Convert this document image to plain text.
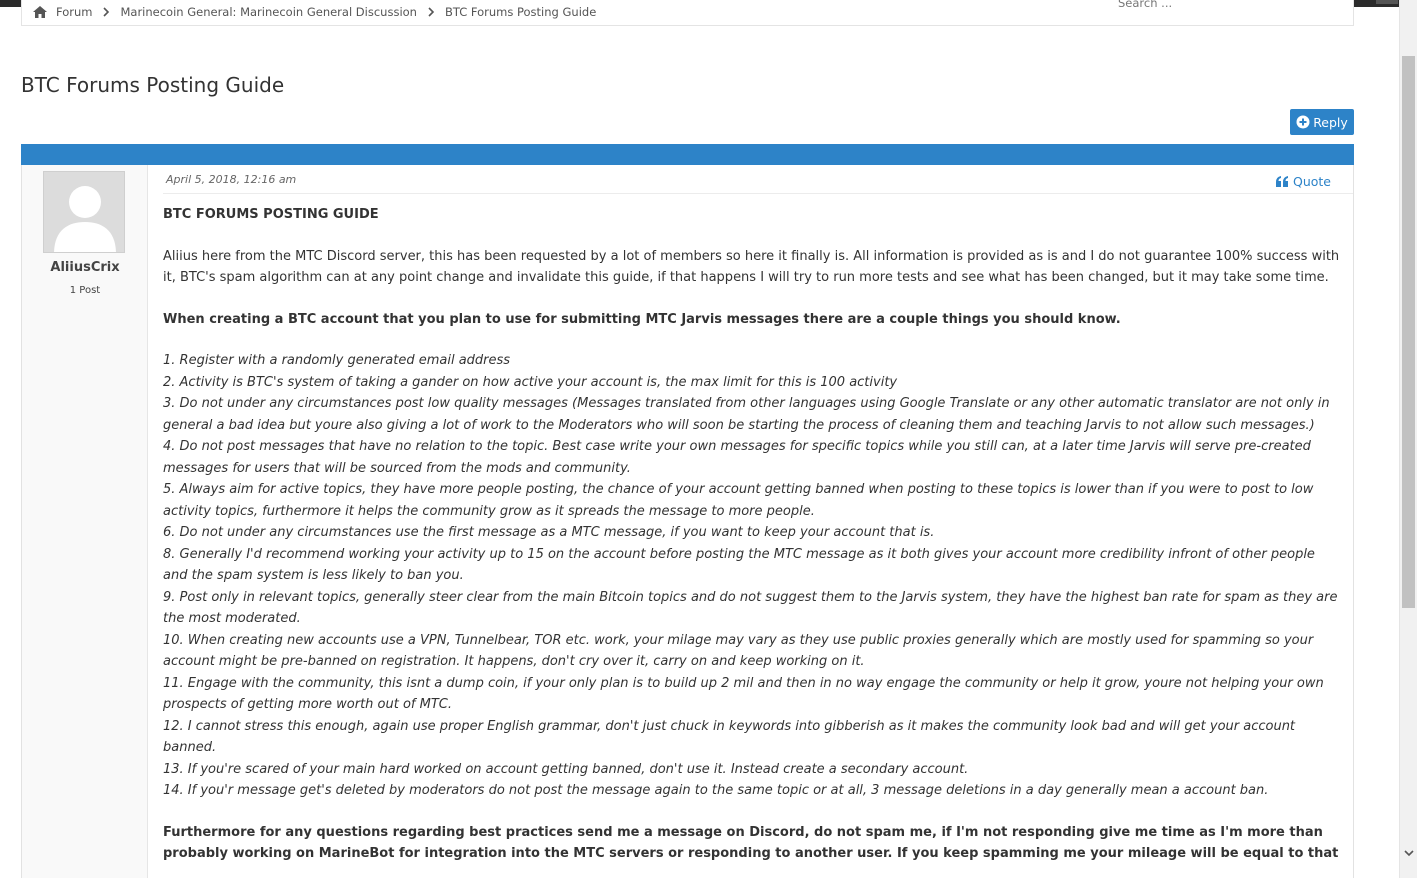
Forum Marinecoin General: Marinecoin General Discussion BTC Forums Posting Guide
Search ...
BTC Forums Posting Guide
Reply
AliiusCrix
1 Post
April 5, 2018, 12:16 am	Quote

BTC FORUMS POSTING GUIDE

Aliius here from the MTC Discord server, this has been requested by a lot of members so here it finally is. All information is provided as is and I do not guarantee 100% success with it, BTC's spam algorithm can at any point change and invalidate this guide, if that happens I will try to run more tests and see what has been changed, but it may take some time.

When creating a BTC account that you plan to use for submitting MTC Jarvis messages there are a couple things you should know.

1. Register with a randomly generated email address
2. Activity is BTC's system of taking a gander on how active your account is, the max limit for this is 100 activity
3. Do not under any circumstances post low quality messages (Messages translated from other languages using Google Translate or any other automatic translator are not only in general a bad idea but youre also giving a lot of work to the Moderators who will soon be starting the process of cleaning them and teaching Jarvis to not allow such messages.)
4. Do not post messages that have no relation to the topic. Best case write your own messages for specific topics while you still can, at a later time Jarvis will serve pre-created messages for users that will be sourced from the mods and community.
5. Always aim for active topics, they have more people posting, the chance of your account getting banned when posting to these topics is lower than if you were to post to low activity topics, furthermore it helps the community grow as it spreads the message to more people.
6. Do not under any circumstances use the first message as a MTC message, if you want to keep your account that is.
8. Generally I'd recommend working your activity up to 15 on the account before posting the MTC message as it both gives your account more credibility infront of other people and the spam system is less likely to ban you.
9. Post only in relevant topics, generally steer clear from the main Bitcoin topics and do not suggest them to the Jarvis system, they have the highest ban rate for spam as they are the most moderated.
10. When creating new accounts use a VPN, Tunnelbear, TOR etc. work, your milage may vary as they use public proxies generally which are mostly used for spamming so your account might be pre-banned on registration. It happens, don't cry over it, carry on and keep working on it.
11. Engage with the community, this isnt a dump coin, if your only plan is to build up 2 mil and then in no way engage the community or help it grow, youre not helping your own prospects of getting more worth out of MTC.
12. I cannot stress this enough, again use proper English grammar, don't just chuck in keywords into gibberish as it makes the community look bad and will get your account banned.
13. If you're scared of your main hard worked on account getting banned, don't use it. Instead create a secondary account.
14. If you'r message get's deleted by moderators do not post the message again to the same topic or at all, 3 message deletions in a day generally mean a account ban.

Furthermore for any questions regarding best practices send me a message on Discord, do not spam me, if I'm not responding give me time as I'm more than probably working on MarineBot for integration into the MTC servers or responding to another user. If you keep spamming me your mileage will be equal to that
